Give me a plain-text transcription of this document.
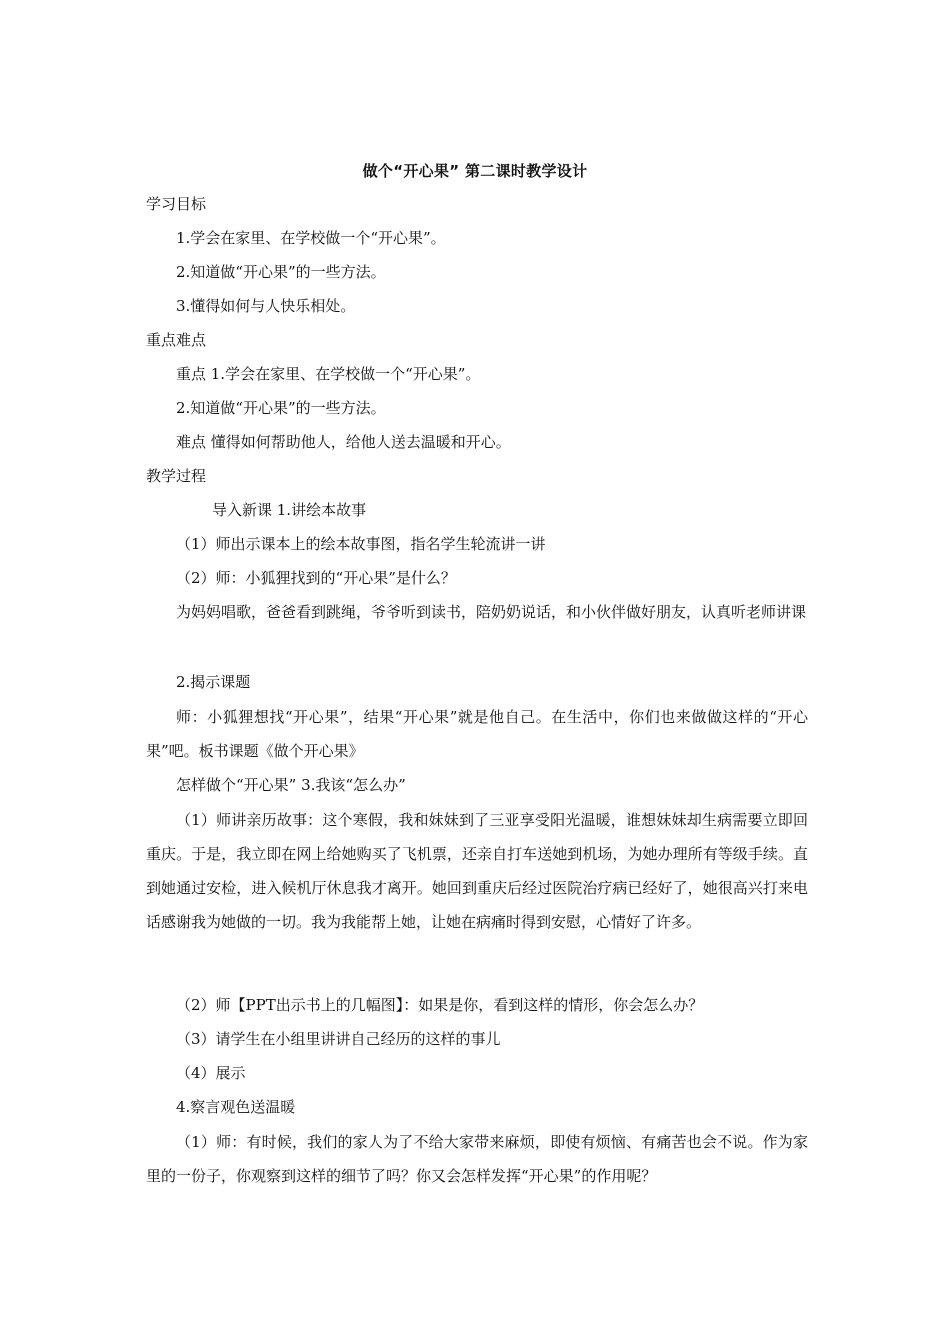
做个“开心果” 第二课时教学设计
学习目标
1.学会在家里、在学校做一个“开心果”。
2.知道做“开心果”的一些方法。
3.懂得如何与人快乐相处。
重点难点
重点 1.学会在家里、在学校做一个“开心果”。
2.知道做“开心果”的一些方法。
难点 懂得如何帮助他人，给他人送去温暖和开心。
教学过程
导入新课 1.讲绘本故事
（1）师出示课本上的绘本故事图，指名学生轮流讲一讲
（2）师：小狐狸找到的“开心果”是什么？
为妈妈唱歌，爸爸看到跳绳，爷爷听到读书，陪奶奶说话，和小伙伴做好朋友，认真听老师讲课
2.揭示课题
师：小狐狸想找“开心果”，结果“开心果”就是他自己。在生活中，你们也来做做这样的“开心果”吧。板书课题《做个开心果》
怎样做个“开心果” 3.我该“怎么办”
（1）师讲亲历故事：这个寒假，我和妹妹到了三亚享受阳光温暖，谁想妹妹却生病需要立即回重庆。于是，我立即在网上给她购买了飞机票，还亲自打车送她到机场，为她办理所有等级手续。直到她通过安检，进入候机厅休息我才离开。她回到重庆后经过医院治疗病已经好了，她很高兴打来电话感谢我为她做的一切。我为我能帮上她，让她在病痛时得到安慰，心情好了许多。
（2）师【PPT出示书上的几幅图】：如果是你，看到这样的情形，你会怎么办？
（3）请学生在小组里讲讲自己经历的这样的事儿
（4）展示
4.察言观色送温暖
（1）师：有时候，我们的家人为了不给大家带来麻烦，即使有烦恼、有痛苦也会不说。作为家里的一份子，你观察到这样的细节了吗？你又会怎样发挥“开心果”的作用呢？
